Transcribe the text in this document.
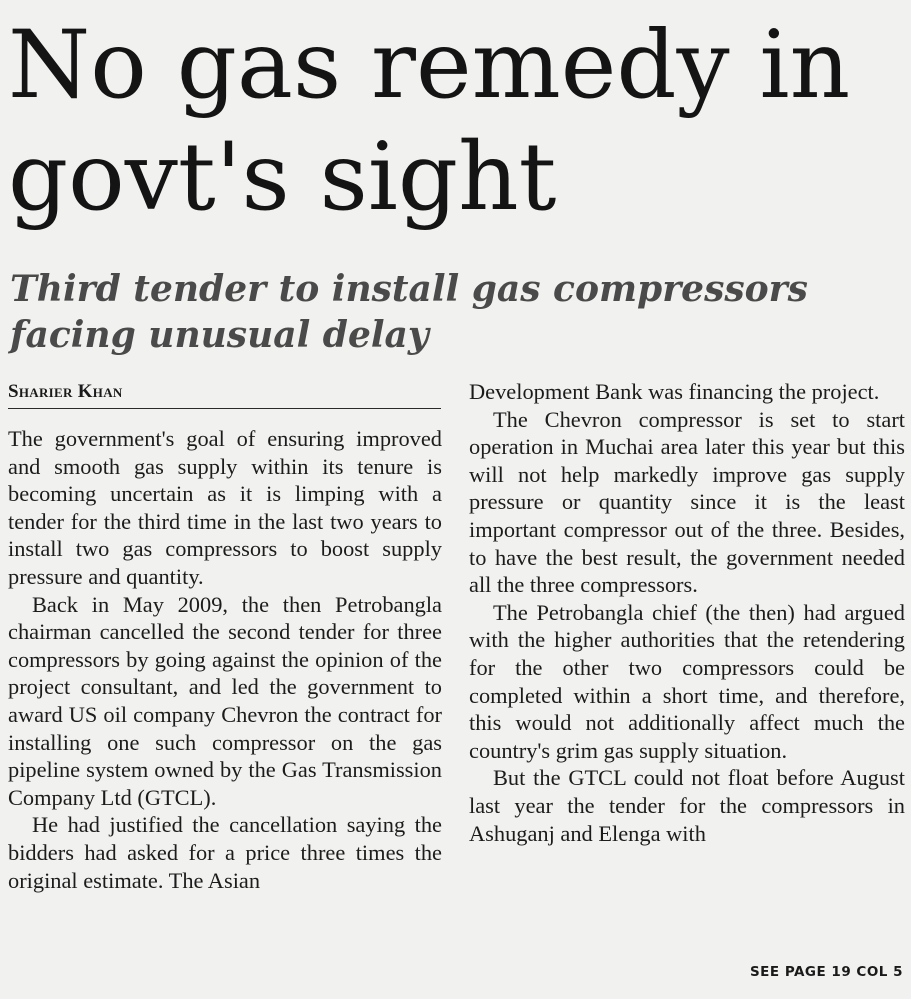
No gas remedy in
govt's sight
Third tender to install gas compressors
facing unusual delay
Sharier Khan

The government's goal of ensuring improved and smooth gas supply within its tenure is becoming uncertain as it is limping with a tender for the third time in the last two years to install two gas compressors to boost supply pressure and quantity.

Back in May 2009, the then Petrobangla chairman cancelled the second tender for three compressors by going against the opinion of the project consultant, and led the government to award US oil company Chevron the contract for installing one such compressor on the gas pipeline system owned by the Gas Transmission Company Ltd (GTCL).

He had justified the cancellation saying the bidders had asked for a price three times the original estimate. The Asian

Development Bank was financing the project.

The Chevron compressor is set to start operation in Muchai area later this year but this will not help markedly improve gas supply pressure or quantity since it is the least important compressor out of the three. Besides, to have the best result, the government needed all the three compressors.

The Petrobangla chief (the then) had argued with the higher authorities that the retendering for the other two compressors could be completed within a short time, and therefore, this would not additionally affect much the country's grim gas supply situation.

But the GTCL could not float before August last year the tender for the compressors in Ashuganj and Elenga with

SEE PAGE 19 COL 5
